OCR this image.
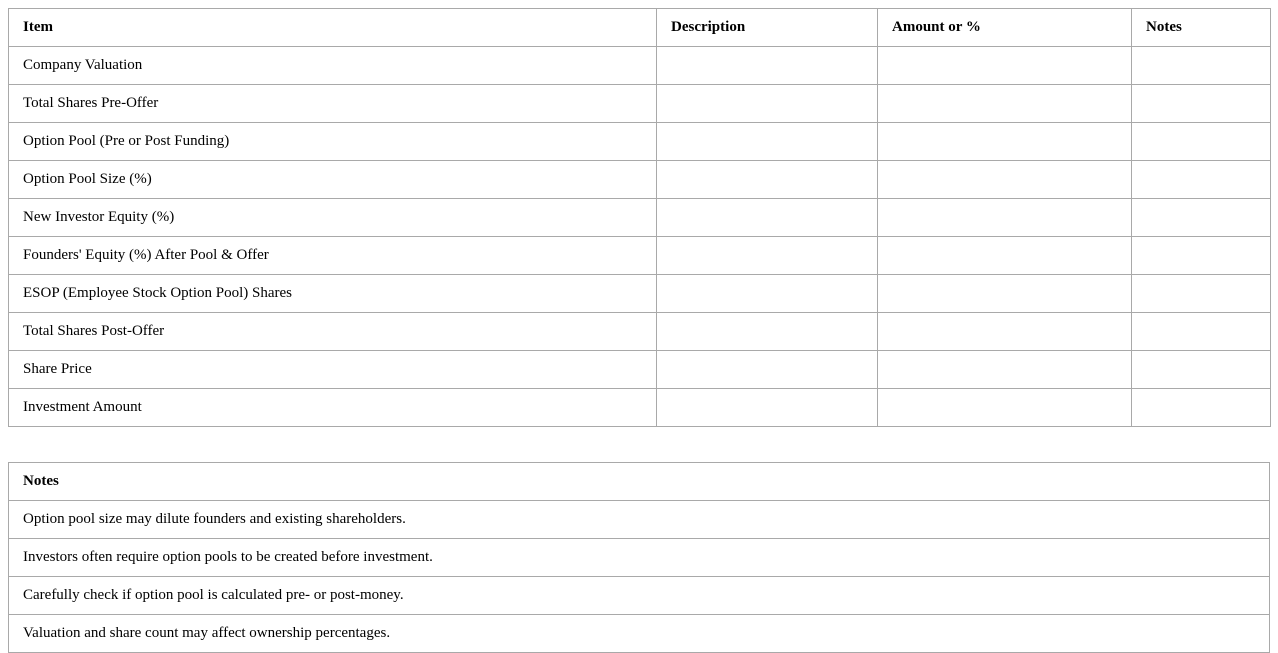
Item	Description	Amount or %	Notes
Company Valuation			
Total Shares Pre-Offer			
Option Pool (Pre or Post Funding)			
Option Pool Size (%)			
New Investor Equity (%)			
Founders' Equity (%) After Pool & Offer			
ESOP (Employee Stock Option Pool) Shares			
Total Shares Post-Offer			
Share Price			
Investment Amount			
Notes
Option pool size may dilute founders and existing shareholders.
Investors often require option pools to be created before investment.
Carefully check if option pool is calculated pre- or post-money.
Valuation and share count may affect ownership percentages.
